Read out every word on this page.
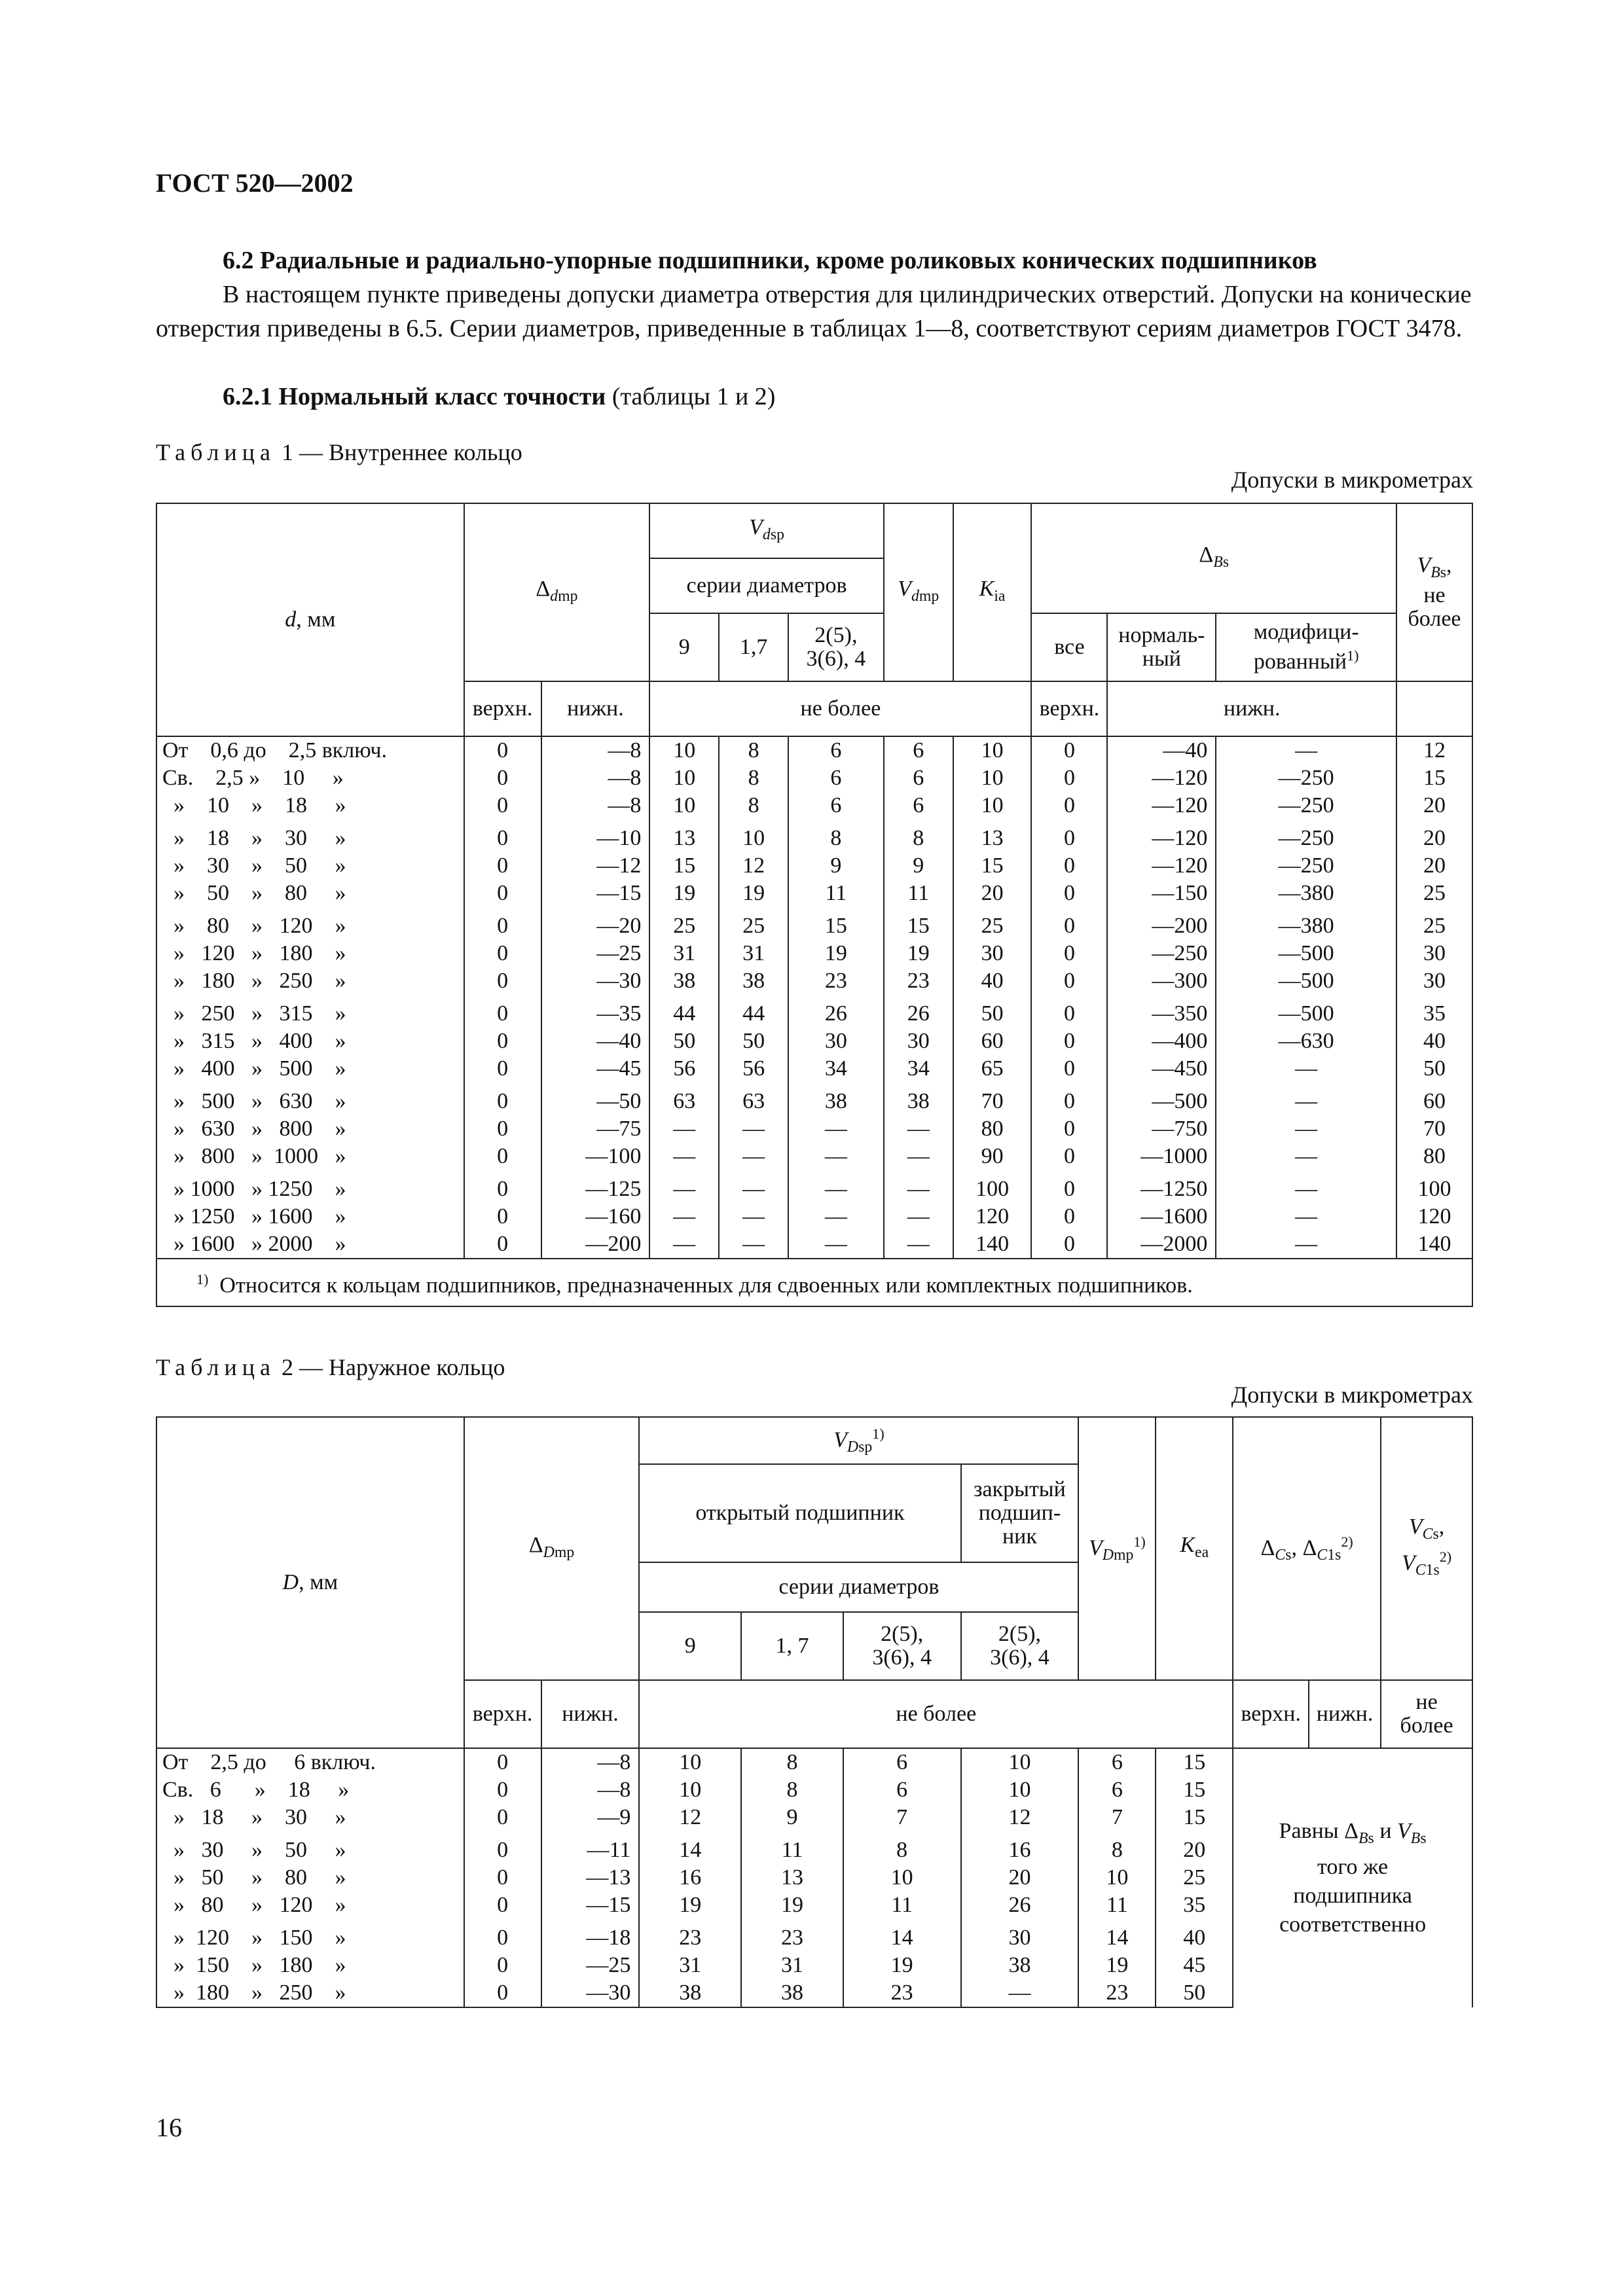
ГОСТ 520—2002
6.2 Радиальные и радиально-упорные подшипники, кроме роликовых конических подшипников
В настоящем пункте приведены допуски диаметра отверстия для цилиндрических отверстий. Допуски на конические отверстия приведены в 6.5. Серии диаметров, приведенные в таблицах 1—8, соответствуют сериям диаметров ГОСТ 3478.
6.2.1 Нормальный класс точности (таблицы 1 и 2)
Таблица 1 — Внутреннее кольцо
Допуски в микрометрах
d, мм	$\Delta_{dmp}$		$V_{dsp}$			$V_{dmp}$	$K_{ia}$	$\Delta_{Bs}$			$V_{Bs}$,
не
более
			серии диаметров								
			9	1,7	2(5),
3(6), 4			все	нормаль-
ный	модифици-
рованный$^{1)}$
	верхн.	нижн.	не более					верхн.	нижн.		
От    0,6 до    2,5 включ.	0	—8	10	8	6	6	10	0	—40	—	12
Св.    2,5 »    10     »	0	—8	10	8	6	6	10	0	—120	—250	15
»    10    »    18     »	0	—8	10	8	6	6	10	0	—120	—250	20
»    18    »    30     »	0	—10	13	10	8	8	13	0	—120	—250	20
»    30    »    50     »	0	—12	15	12	9	9	15	0	—120	—250	20
»    50    »    80     »	0	—15	19	19	11	11	20	0	—150	—380	25
»    80    »   120    »	0	—20	25	25	15	15	25	0	—200	—380	25
»   120   »   180    »	0	—25	31	31	19	19	30	0	—250	—500	30
»   180   »   250    »	0	—30	38	38	23	23	40	0	—300	—500	30
»   250   »   315    »	0	—35	44	44	26	26	50	0	—350	—500	35
»   315   »   400    »	0	—40	50	50	30	30	60	0	—400	—630	40
»   400   »   500    »	0	—45	56	56	34	34	65	0	—450	—	50
»   500   »   630    »	0	—50	63	63	38	38	70	0	—500	—	60
»   630   »   800    »	0	—75	—	—	—	—	80	0	—750	—	70
»   800   »  1000   »	0	—100	—	—	—	—	90	0	—1000	—	80
» 1000   » 1250    »	0	—125	—	—	—	—	100	0	—1250	—	100
» 1250   » 1600    »	0	—160	—	—	—	—	120	0	—1600	—	120
» 1600   » 2000    »	0	—200	—	—	—	—	140	0	—2000	—	140
$^{1)}$ Относится к кольцам подшипников, предназначенных для сдвоенных или комплектных подшипников.											
Таблица 2 — Наружное кольцо
Допуски в микрометрах
D, мм	$\Delta_{Dmp}$		$V_{Dsp}^{1)}$				$V_{Dmp}^{1)}$	$K_{ea}$	$\Delta_{Cs}$, $\Delta_{C1s}^{2)}$		$V_{Cs}$,
$V_{C1s}^{2)}$
			открытый подшипник			закрытый
подшип-
ник					
			серии диаметров								
			9	1, 7	2(5),
3(6), 4	2(5),
3(6), 4					
	верхн.	нижн.	не более						верхн.	нижн.	не
более
От    2,5 до     6 включ.	0	—8	10	8	6	10	6	15	Равны $\Delta_{Bs}$ и $V_{Bs}$
того же
подшипника
соответственно		
Св.   6      »    18     »	0	—8	10	8	6	10	6	15			
»   18     »    30     »	0	—9	12	9	7	12	7	15			
»   30     »    50     »	0	—11	14	11	8	16	8	20			
»   50     »    80     »	0	—13	16	13	10	20	10	25			
»   80     »   120    »	0	—15	19	19	11	26	11	35			
»  120    »   150    »	0	—18	23	23	14	30	14	40			
»  150    »   180    »	0	—25	31	31	19	38	19	45			
»  180    »   250    »	0	—30	38	38	23	—	23	50			
16
